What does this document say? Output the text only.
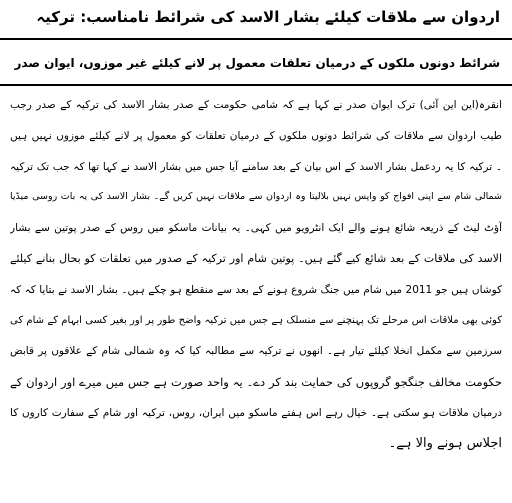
اردوان سے ملاقات کیلئے بشار الاسد کی شرائط نامناسب: ترکیہ
شرائط دونوں ملکوں کے درمیان تعلقات معمول پر لانے کیلئے غیر موزوں، ایوان صدر
انقرہ(این این آئی) ترک ایوان صدر نے کہا ہے کہ شامی حکومت کے صدر بشار الاسد کی ترکیہ کے صدر رجب
طیب اردوان سے ملاقات کی شرائط دونوں ملکوں کے درمیان تعلقات کو معمول پر لانے کیلئے موزوں نہیں ہیں
۔ ترکیہ کا یہ ردعمل بشار الاسد کے اس بیان کے بعد سامنے آیا جس میں بشار الاسد نے کہا تھا کہ جب تک ترکیہ
شمالی شام سے اپنی افواج کو واپس نہیں بلالیتا وہ اردوان سے ملاقات نہیں کریں گے۔ بشار الاسد کی یہ بات روسی میڈیا
آؤٹ لیٹ کے ذریعہ شائع ہونے والے ایک انٹرویو میں کہی۔ یہ بیانات ماسکو میں روس کے صدر پوتین سے بشار
الاسد کی ملاقات کے بعد شائع کیے گئے ہیں۔ پوتین شام اور ترکیہ کے صدور میں تعلقات کو بحال بنانے کیلئے
کوشاں ہیں جو 2011 میں شام میں جنگ شروع ہونے کے بعد سے منقطع ہو چکے ہیں۔ بشار الاسد نے بتایا کہ کہ
کوئی بھی ملاقات اس مرحلے تک پہنچنے سے منسلک ہے جس میں ترکیہ واضح طور پر اور بغیر کسی ابہام کے شام کی
سرزمین سے مکمل انخلا کیلئے تیار ہے۔ انھوں نے ترکیہ سے مطالبہ کیا کہ وہ شمالی شام کے علاقوں پر قابض
حکومت مخالف جنگجو گروپوں کی حمایت بند کر دے۔ یہ واحد صورت ہے جس میں میرے اور اردوان کے
درمیان ملاقات ہو سکتی ہے۔ خیال رہے اس ہفتے ماسکو میں ایران، روس، ترکیہ اور شام کے سفارت کاروں کا
اجلاس ہونے والا ہے۔
